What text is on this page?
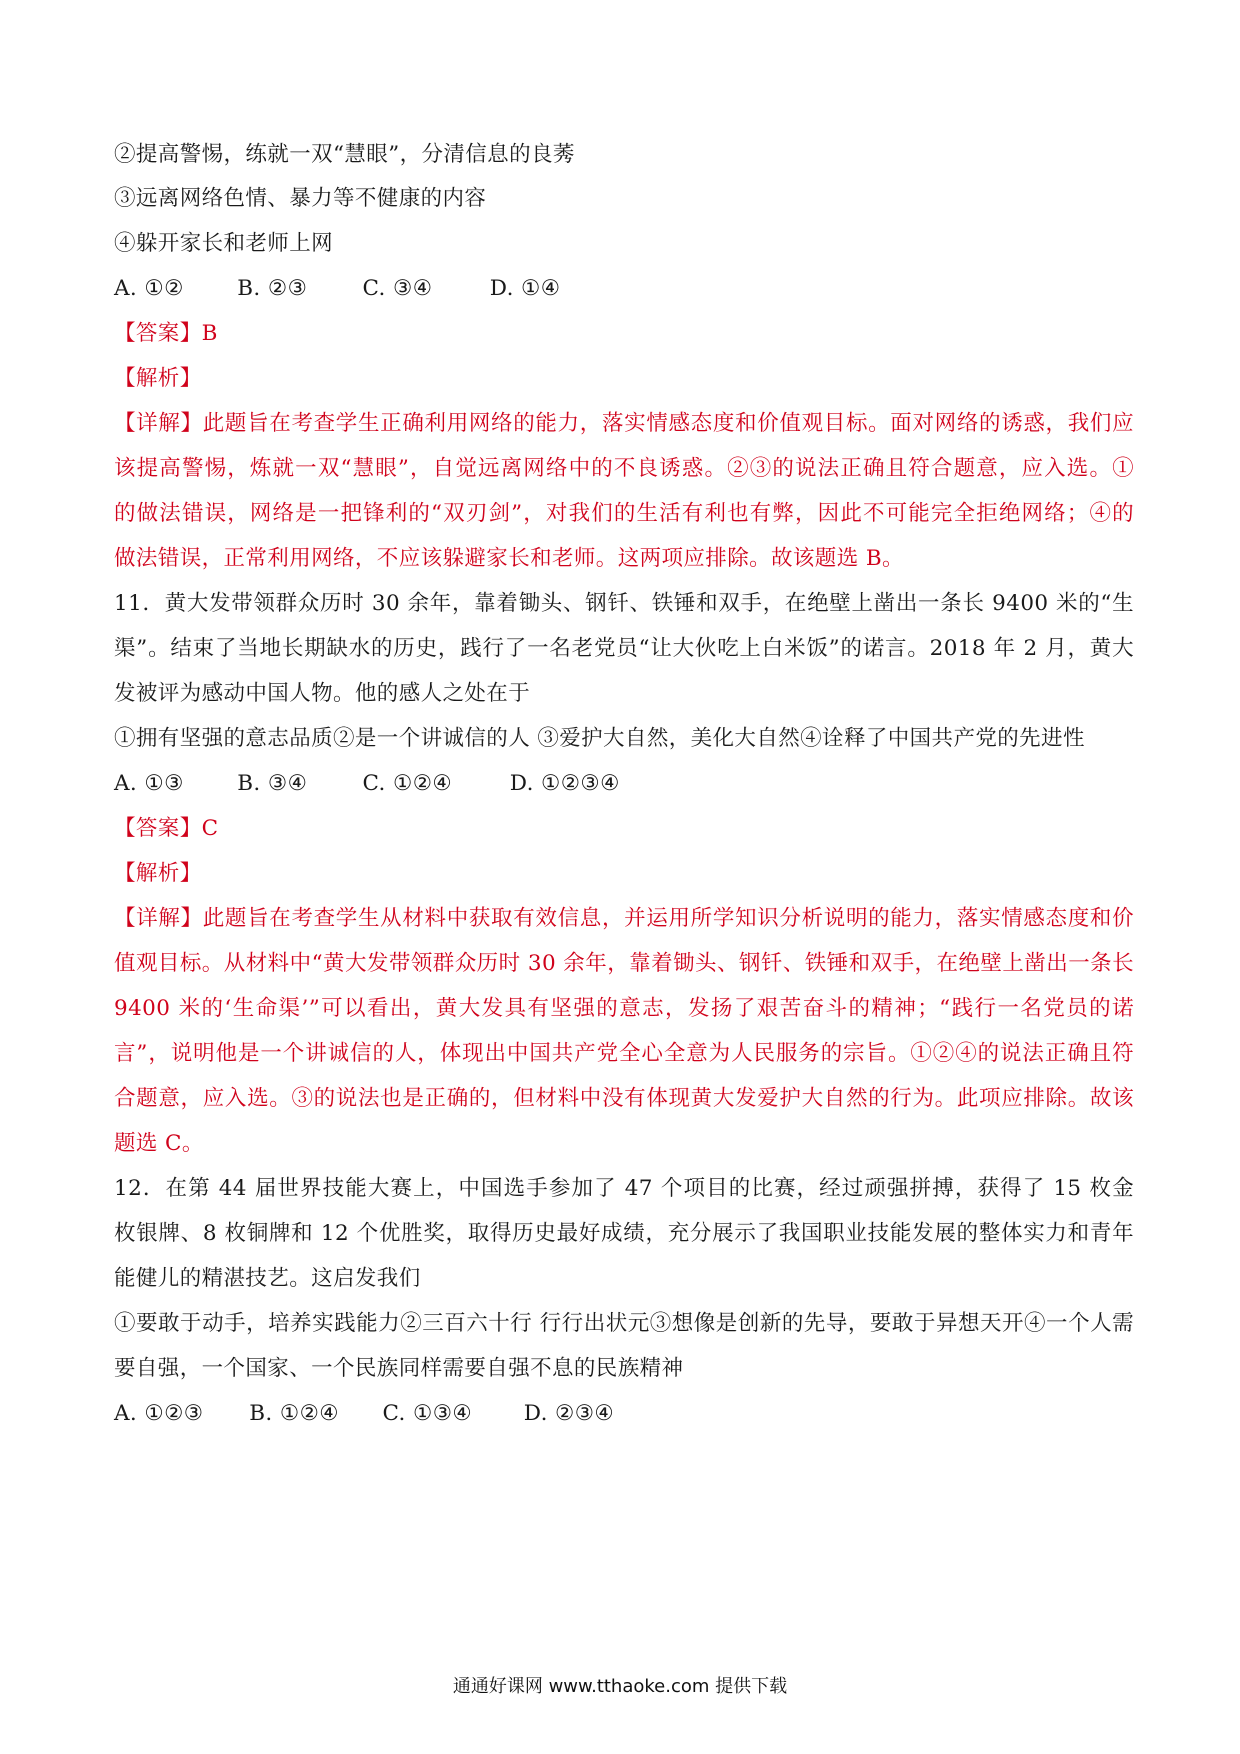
②提高警惕，练就一双“慧眼”，分清信息的良莠
③远离网络色情、暴力等不健康的内容
④躲开家长和老师上网
A. ①② B. ②③	C. ③④	D. ①④
【答案】B
【解析】
【详解】此题旨在考查学生正确利用网络的能力，落实情感态度和价值观目标。面对网络的诱惑，我们应
该提高警惕，炼就一双“慧眼”，自觉远离网络中的不良诱惑。②③的说法正确且符合题意，应入选。①
的做法错误，网络是一把锋利的“双刃剑”，对我们的生活有利也有弊，因此不可能完全拒绝网络；④的
做法错误，正常利用网络，不应该躲避家长和老师。这两项应排除。故该题选 B。
11．黄大发带领群众历时 30 余年，靠着锄头、钢钎、铁锤和双手，在绝壁上凿出一条长 9400 米的“生
渠”。结束了当地长期缺水的历史，践行了一名老党员“让大伙吃上白米饭”的诺言。2018 年 2 月，黄大
发被评为感动中国人物。他的感人之处在于
①拥有坚强的意志品质②是一个讲诚信的人 ③爱护大自然，美化大自然④诠释了中国共产党的先进性
A. ①③ B. ③④	C. ①②④	D. ①②③④
【答案】C
【解析】
【详解】此题旨在考查学生从材料中获取有效信息，并运用所学知识分析说明的能力，落实情感态度和价
值观目标。从材料中“黄大发带领群众历时 30 余年，靠着锄头、钢钎、铁锤和双手，在绝壁上凿出一条长
9400 米的‘生命渠’”可以看出，黄大发具有坚强的意志，发扬了艰苦奋斗的精神；“践行一名党员的诺
言”，说明他是一个讲诚信的人，体现出中国共产党全心全意为人民服务的宗旨。①②④的说法正确且符
合题意，应入选。③的说法也是正确的，但材料中没有体现黄大发爱护大自然的行为。此项应排除。故该
题选 C。
12．在第 44 届世界技能大赛上，中国选手参加了 47 个项目的比赛，经过顽强拼搏，获得了 15 枚金
枚银牌、8 枚铜牌和 12 个优胜奖，取得历史最好成绩，充分展示了我国职业技能发展的整体实力和青年
能健儿的精湛技艺。这启发我们
①要敢于动手，培养实践能力②三百六十行 行行出状元③想像是创新的先导，要敢于异想天开④一个人需
要自强，一个国家、一个民族同样需要自强不息的民族精神
A. ①②③ B. ①②④ C. ①③④ D. ②③④
通通好课网 www.tthaoke.com 提供下载
